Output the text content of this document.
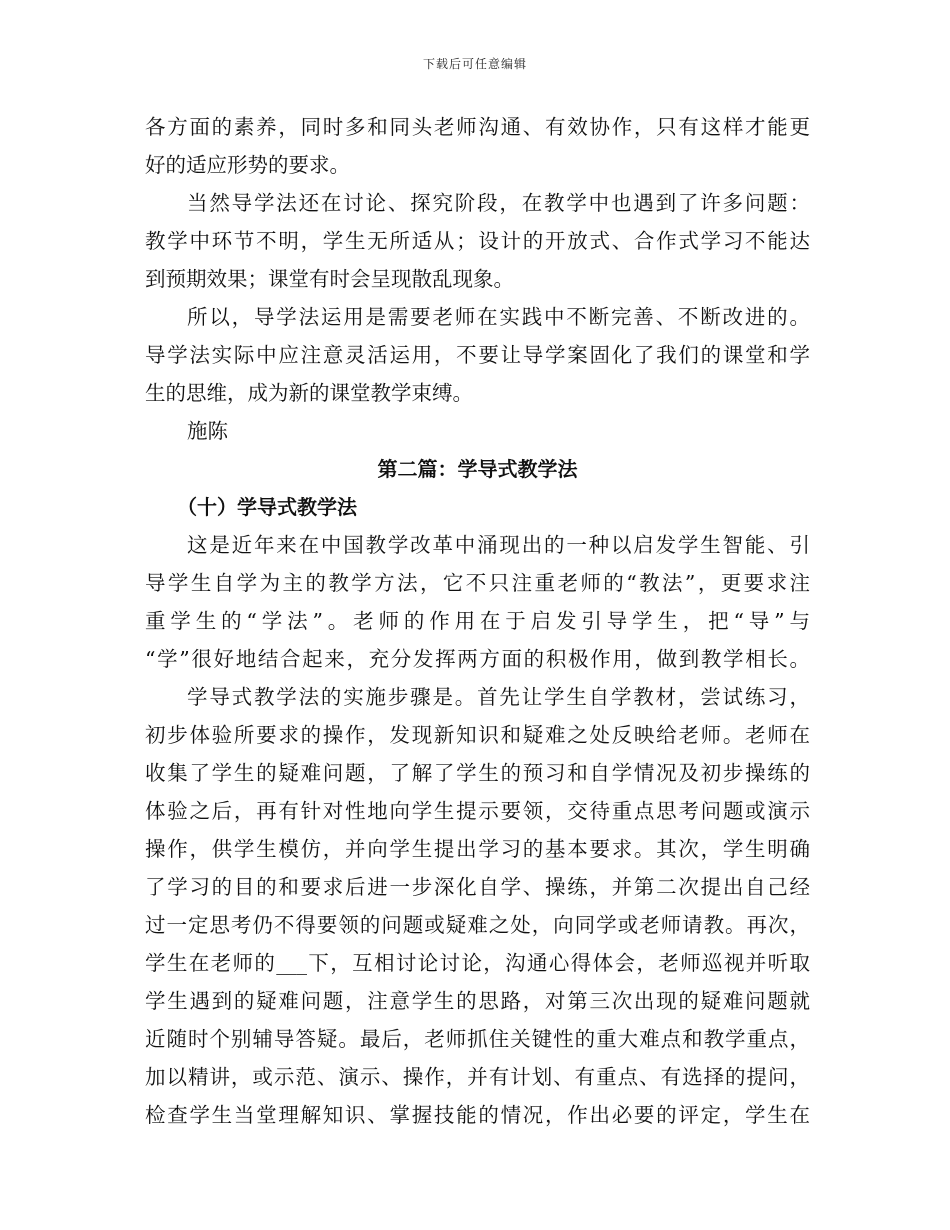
下载后可任意编辑
各方面的素养，同时多和同头老师沟通、有效协作，只有这样才能更
好的适应形势的要求。
当然导学法还在讨论、探究阶段，在教学中也遇到了许多问题：
教学中环节不明，学生无所适从；设计的开放式、合作式学习不能达
到预期效果；课堂有时会呈现散乱现象。
所以，导学法运用是需要老师在实践中不断完善、不断改进的。
导学法实际中应注意灵活运用，不要让导学案固化了我们的课堂和学
生的思维，成为新的课堂教学束缚。
施陈
第二篇：学导式教学法
（十）学导式教学法
这是近年来在中国教学改革中涌现出的一种以启发学生智能、引
导学生自学为主的教学方法，它不只注重老师的“教法”，更要求注
重学生的“学法”。老师的作用在于启发引导学生，把“导”与
“学”很好地结合起来，充分发挥两方面的积极作用，做到教学相长。
学导式教学法的实施步骤是。首先让学生自学教材，尝试练习，
初步体验所要求的操作，发现新知识和疑难之处反映给老师。老师在
收集了学生的疑难问题，了解了学生的预习和自学情况及初步操练的
体验之后，再有针对性地向学生提示要领，交待重点思考问题或演示
操作，供学生模仿，并向学生提出学习的基本要求。其次，学生明确
了学习的目的和要求后进一步深化自学、操练，并第二次提出自己经
过一定思考仍不得要领的问题或疑难之处，向同学或老师请教。再次，
学生在老师的___下，互相讨论讨论，沟通心得体会，老师巡视并听取
学生遇到的疑难问题，注意学生的思路，对第三次出现的疑难问题就
近随时个别辅导答疑。最后，老师抓住关键性的重大难点和教学重点，
加以精讲，或示范、演示、操作，并有计划、有重点、有选择的提问，
检查学生当堂理解知识、掌握技能的情况，作出必要的评定，学生在
